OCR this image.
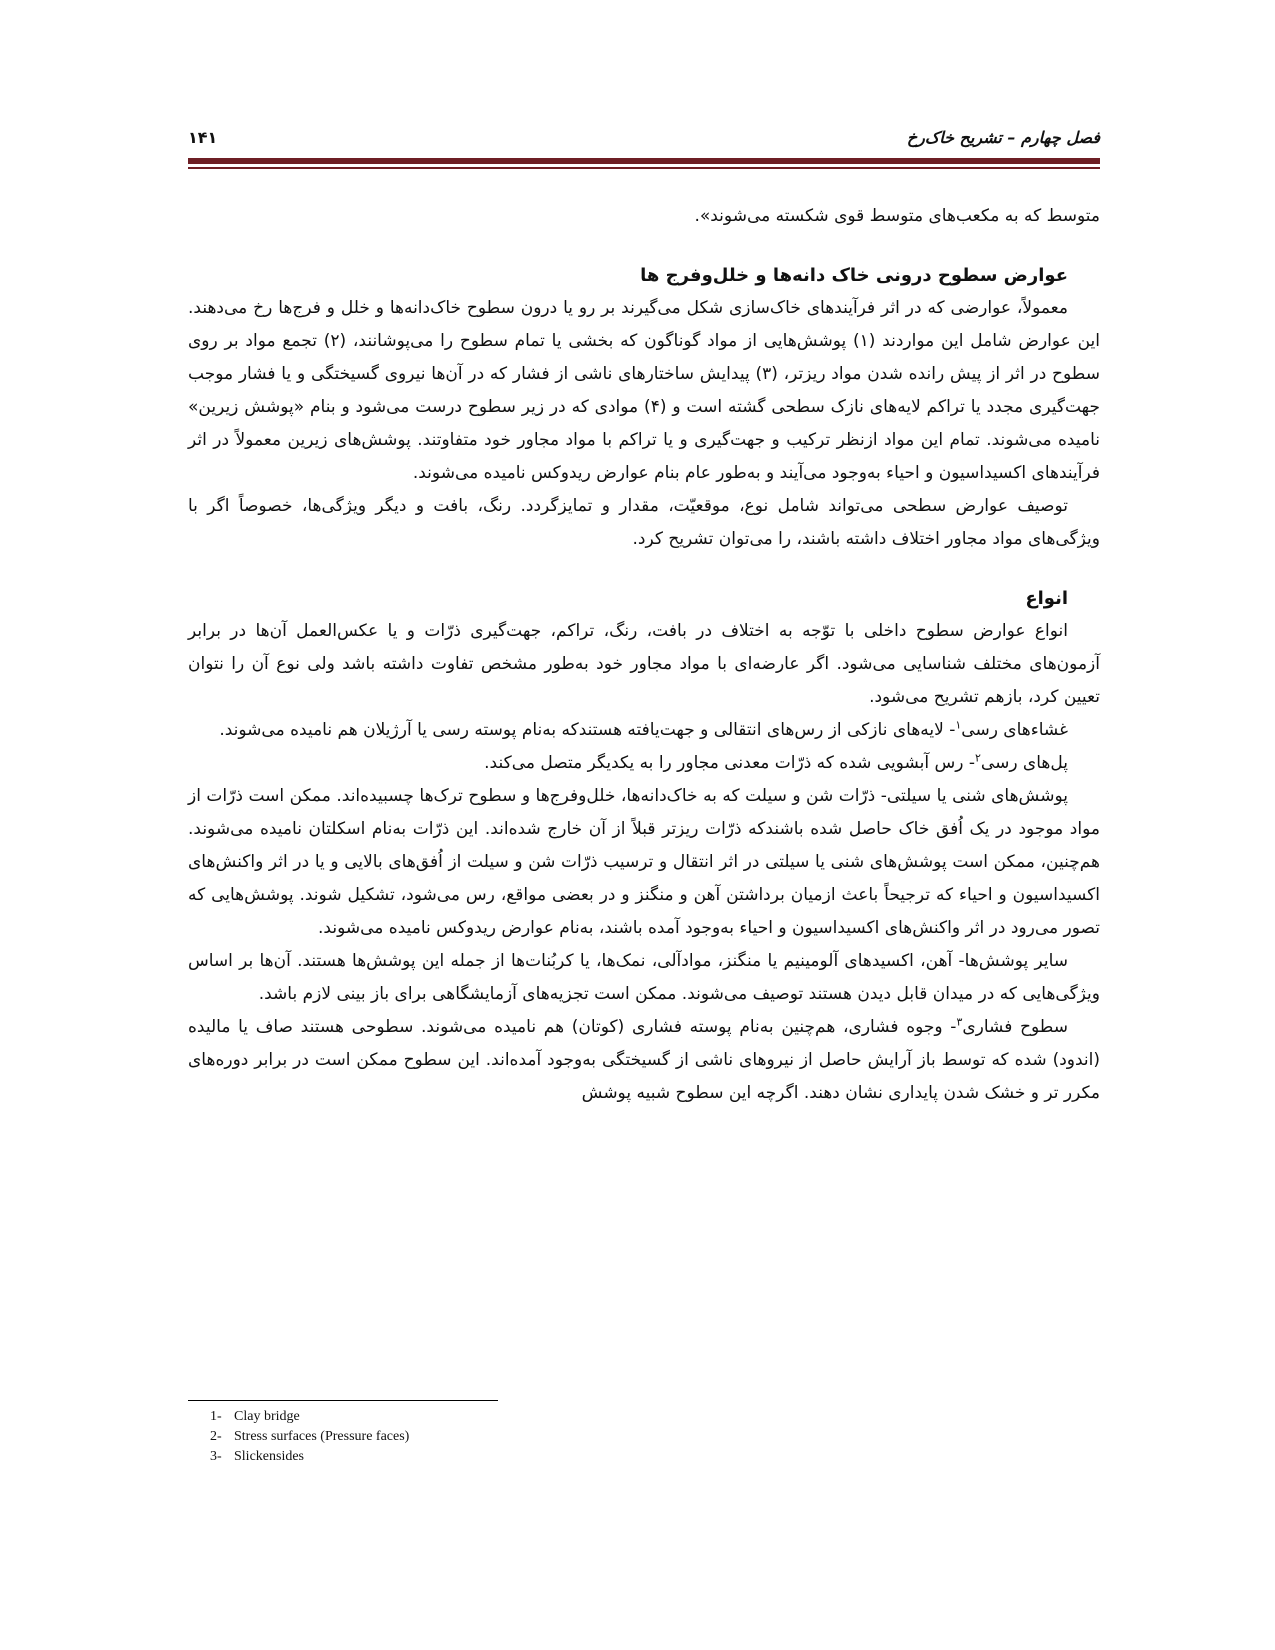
فصل چهارم – تشریح خاک‌رخ
۱۴۱

متوسط که به مکعب‌های متوسط قوی شکسته می‌شوند».

عوارض سطوح درونی خاک دانه‌ها و خلل‌وفرج ها

معمولاً، عوارضی که در اثر فرآیندهای خاک‌سازی شکل می‌گیرند بر رو یا درون سطوح خاک‌دانه‌ها و خلل و فرج‌ها رخ می‌دهند. این عوارض شامل این مواردند (۱) پوشش‌هایی از مواد گوناگون که بخشی یا تمام سطوح را می‌پوشانند، (۲) تجمع مواد بر روی سطوح در اثر از پیش رانده شدن مواد ریزتر، (۳) پیدایش ساختارهای ناشی از فشار که در آن‌ها نیروی گسیختگی و یا فشار موجب جهت‌گیری مجدد یا تراکم لایه‌های نازک سطحی گشته است و (۴) موادی که در زیر سطوح درست می‌شود و بنام «پوشش زیرین» نامیده می‌شوند. تمام این مواد ازنظر ترکیب و جهت‌گیری و یا تراکم با مواد مجاور خود متفاوتند. پوشش‌های زیرین معمولاً در اثر فرآیندهای اکسیداسیون و احیاء به‌وجود می‌آیند و به‌طور عام بنام عوارض ریدوکس نامیده می‌شوند.

توصیف عوارض سطحی می‌تواند شامل نوع، موقعیّت، مقدار و تمایزگردد. رنگ، بافت و دیگر ویژگی‌ها، خصوصاً اگر با ویژگی‌های مواد مجاور اختلاف داشته باشند، را می‌توان تشریح کرد.

انواع

انواع عوارض سطوح داخلی با توّجه به اختلاف در بافت، رنگ، تراکم، جهت‌گیری ذرّات و یا عکس‌العمل آن‌ها در برابر آزمون‌های مختلف شناسایی می‌شود. اگر عارضه‌ای با مواد مجاور خود به‌طور مشخص تفاوت داشته باشد ولی نوع آن را نتوان تعیین کرد، بازهم تشریح می‌شود.

غشاءهای رسی$^۱$- لایه‌های نازکی از رس‌های انتقالی و جهت‌یافته هستندکه به‌نام پوسته رسی یا آرژیلان هم نامیده می‌شوند.

پل‌های رسی$^۲$- رس آبشویی شده که ذرّات معدنی مجاور را به یکدیگر متصل می‌کند.

پوشش‌های شنی یا سیلتی- ذرّات شن و سیلت که به خاک‌دانه‌ها، خلل‌وفرج‌ها و سطوح ترک‌ها چسبیده‌اند. ممکن است ذرّات از مواد موجود در یک اُفق خاک حاصل شده باشندکه ذرّات ریزتر قبلاً از آن خارج شده‌اند. این ذرّات به‌نام اسکلتان نامیده می‌شوند. هم‌چنین، ممکن است پوشش‌های شنی یا سیلتی در اثر انتقال و ترسیب ذرّات شن و سیلت از اُفق‌های بالایی و یا در اثر واکنش‌های اکسیداسیون و احیاء که ترجیحاً باعث ازمیان برداشتن آهن و منگنز و در بعضی مواقع، رس می‌شود، تشکیل شوند. پوشش‌هایی که تصور می‌رود در اثر واکنش‌های اکسیداسیون و احیاء به‌وجود آمده باشند، به‌نام عوارض ریدوکس نامیده می‌شوند.

سایر پوشش‌ها- آهن، اکسیدهای آلومینیم یا منگنز، موادآلی، نمک‌ها، یا کربُنات‌ها از جمله این پوشش‌ها هستند. آن‌ها بر اساس ویژگی‌هایی که در میدان قابل دیدن هستند توصیف می‌شوند. ممکن است تجزیه‌های آزمایشگاهی برای باز بینی لازم باشد.

سطوح فشاری$^۳$- وجوه فشاری، هم‌چنین به‌نام پوسته فشاری (کوتان) هم نامیده می‌شوند. سطوحی هستند صاف یا مالیده (اندود) شده که توسط باز آرایش حاصل از نیروهای ناشی از گسیختگی به‌وجود آمده‌اند. این سطوح ممکن است در برابر دوره‌های مکرر تر و خشک شدن پایداری نشان دهند. اگرچه این سطوح شبیه پوشش

1- Clay bridge
2- Stress surfaces (Pressure faces)
3- Slickensides
